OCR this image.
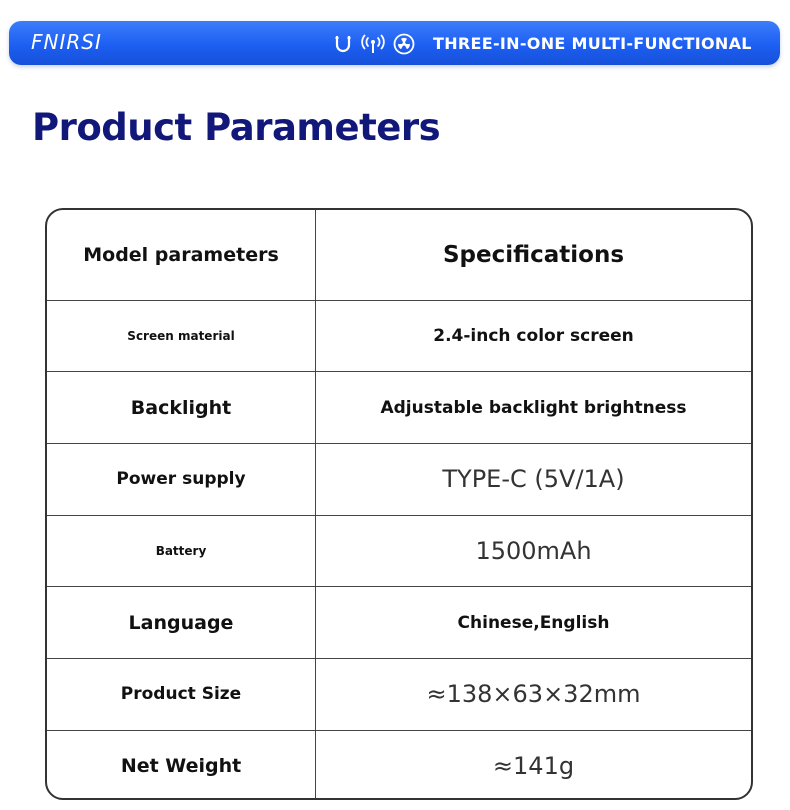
FNIRSI	THREE-IN-ONE MULTI-FUNCTIONAL
Product Parameters
Model parameters	Specifications
Screen material	2.4-inch color screen
Backlight	Adjustable backlight brightness
Power supply	TYPE-C (5V/1A)
Battery	1500mAh
Language	Chinese,English
Product Size	≈138×63×32mm
Net Weight	≈141g
